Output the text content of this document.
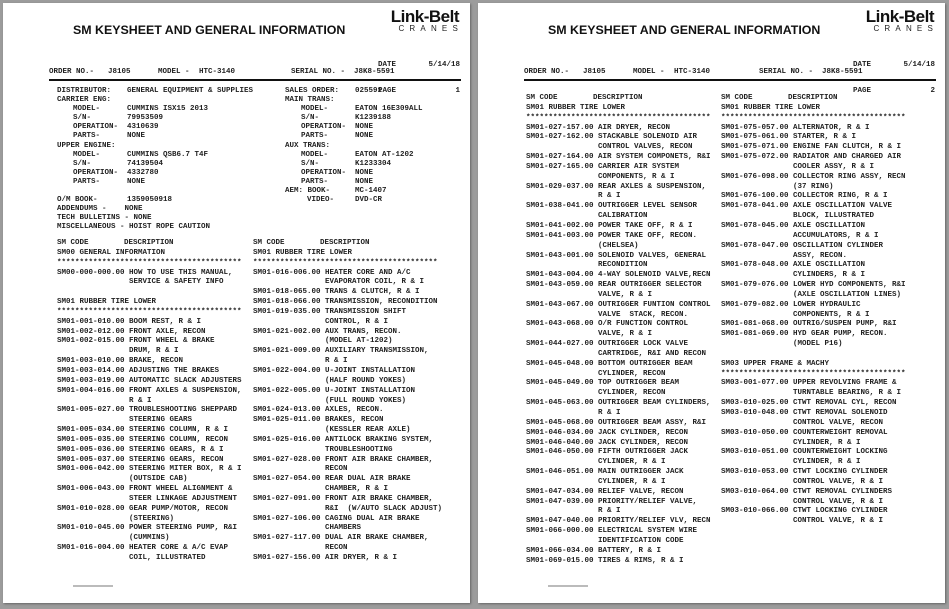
SM KEYSHEET AND GENERAL INFORMATION
Link-Belt
CRANES

DATE	5/14/18

PAGE	1

ORDER NO.-

J8105

	MODEL -

HTC-3140

	SERIAL NO. -

J8K8-5591

DISTRIBUTOR: GENERAL EQUIPMENT & SUPPLIES
CARRIER ENG:
MODEL-	CUMMINS ISX15 2013
S/N-	79953509
OPERATION- 4310639
PARTS-	NONE
UPPER ENGINE:
MODEL-	CUMMINS QSB6.7 T4F
S/N-	74139504
OPERATION- 4332780
PARTS-	NONE
O/M BOOK-	1359050918
ADDENDUMS - NONE
TECH BULLETINS - NONE
MISCELLANEOUS - HOIST ROPE CAUTION
SALES ORDER: 025591
MAIN TRANS:
MODEL-	EATON 16E309ALL
S/N-	K1239188
OPERATION- NONE
PARTS-	NONE
AUX TRANS:
MODEL-	EATON AT-1202
S/N-	K1233304
OPERATION- NONE
PARTS-	NONE
AEM: BOOK-	MC-1407
VIDEO-	DVD-CR
SM CODE	DESCRIPTION
SM00 GENERAL INFORMATION
*****************************************
SM00-000-000.00 HOW TO USE THIS MANUAL,
SERVICE & SAFETY INFO
SM01 RUBBER TIRE LOWER
*****************************************
SM01-001-010.00 BOOM REST, R & I
SM01-002-012.00 FRONT AXLE, RECON
SM01-002-015.00 FRONT WHEEL & BRAKE
DRUM, R & I
SM01-003-010.00 BRAKE, RECON
SM01-003-014.00 ADJUSTING THE BRAKES
SM01-003-019.00 AUTOMATIC SLACK ADJUSTERS
SM01-004-016.00 FRONT AXLES & SUSPENSION,
R & I
SM01-005-027.00 TROUBLESHOOTING SHEPPARD
STEERING GEARS
SM01-005-034.00 STEERING COLUMN, R & I
SM01-005-035.00 STEERING COLUMN, RECON
SM01-005-036.00 STEERING GEARS, R & I
SM01-005-037.00 STEERING GEARS, RECON
SM01-006-042.00 STEERING MITER BOX, R & I
(OUTSIDE CAB)
SM01-006-043.00 FRONT WHEEL ALIGNMENT &
STEER LINKAGE ADJUSTMENT
SM01-010-028.00 GEAR PUMP/MOTOR, RECON
(STEERING)
SM01-010-045.00 POWER STEERING PUMP, R&I
(CUMMINS)
SM01-016-004.00 HEATER CORE & A/C EVAP
COIL, ILLUSTRATED
SM CODE	DESCRIPTION
SM01 RUBBER TIRE LOWER
*****************************************
SM01-016-006.00 HEATER CORE AND A/C
EVAPORATOR COIL, R & I
SM01-018-065.00 TRANS & CLUTCH, R & I
SM01-018-066.00 TRANSMISSION, RECONDITION
SM01-019-035.00 TRANSMISSION SHIFT
CONTROL, R & I
SM01-021-002.00 AUX TRANS, RECON.
(MODEL AT-1202)
SM01-021-009.00 AUXILIARY TRANSMISSION,
R & I
SM01-022-004.00 U-JOINT INSTALLATION
(HALF ROUND YOKES)
SM01-022-005.00 U-JOINT INSTALLATION
(FULL ROUND YOKES)
SM01-024-013.00 AXLES, RECON.
SM01-025-011.00 BRAKES, RECON
(KESSLER REAR AXLE)
SM01-025-016.00 ANTILOCK BRAKING SYSTEM,
TROUBLESHOOTING
SM01-027-028.00 FRONT AIR BRAKE CHAMBER,
RECON
SM01-027-054.00 REAR DUAL AIR BRAKE
CHAMBER, R & I
SM01-027-091.00 FRONT AIR BRAKE CHAMBER,
R&I  (W/AUTO SLACK ADJUST)
SM01-027-106.00 CAGING DUAL AIR BRAKE
CHAMBERS
SM01-027-117.00 DUAL AIR BRAKE CHAMBER,
RECON
SM01-027-156.00 AIR DRYER, R & I
SM KEYSHEET AND GENERAL INFORMATION
Link-Belt
CRANES

DATE	5/14/18

PAGE	2

ORDER NO.-

J8105

	MODEL -

HTC-3140

	SERIAL NO. -

J8K8-5591

SM CODE	DESCRIPTION
SM01 RUBBER TIRE LOWER
*****************************************
SM01-027-157.00 AIR DRYER, RECON
SM01-027-162.00 STACKABLE SOLENOID AIR
CONTROL VALVES, RECON
SM01-027-164.00 AIR SYSTEM COMPONETS, R&I
SM01-027-165.00 CARRIER AIR SYSTEM
COMPONENTS, R & I
SM01-029-037.00 REAR AXLES & SUSPENSION,
R & I
SM01-038-041.00 OUTRIGGER LEVEL SENSOR
CALIBRATION
SM01-041-002.00 POWER TAKE OFF, R & I
SM01-041-003.00 POWER TAKE OFF, RECON.
(CHELSEA)
SM01-043-001.00 SOLENOID VALVES, GENERAL
RECONDITION
SM01-043-004.00 4-WAY SOLENOID VALVE,RECN
SM01-043-059.00 REAR OUTRIGGER SELECTOR
VALVE, R & I
SM01-043-067.00 OUTRIGGER FUNTION CONTROL
VALVE  STACK, RECON.
SM01-043-068.00 O/R FUNCTION CONTROL
VALVE, R & I
SM01-044-027.00 OUTRIGGER LOCK VALVE
CARTRIDGE, R&I AND RECON
SM01-045-048.00 BOTTOM OUTRIGGER BEAM
CYLINDER, RECON
SM01-045-049.00 TOP OUTRIGGER BEAM
CYLINDER, RECON
SM01-045-063.00 OUTRIGGER BEAM CYLINDERS,
R & I
SM01-045-068.00 OUTRIGGER BEAM ASSY, R&I
SM01-046-034.00 JACK CYLINDER, RECON
SM01-046-040.00 JACK CYLINDER, RECON
SM01-046-050.00 FIFTH OUTRIGGER JACK
CYLINDER, R & I
SM01-046-051.00 MAIN OUTRIGGER JACK
CYLINDER, R & I
SM01-047-034.00 RELIEF VALVE, RECON
SM01-047-039.00 PRIORITY/RELIEF VALVE,
R & I
SM01-047-040.00 PRIORITY/RELIEF VLV, RECN
SM01-066-000.00 ELECTRICAL SYSTEM WIRE
IDENTIFICATION CODE
SM01-066-034.00 BATTERY, R & I
SM01-069-015.00 TIRES & RIMS, R & I
SM CODE	DESCRIPTION
SM01 RUBBER TIRE LOWER
*****************************************
SM01-075-057.00 ALTERNATOR, R & I
SM01-075-061.00 STARTER, R & I
SM01-075-071.00 ENGINE FAN CLUTCH, R & I
SM01-075-072.00 RADIATOR AND CHARGED AIR
COOLER ASSY, R & I
SM01-076-098.00 COLLECTOR RING ASSY, RECN
(37 RING)
SM01-076-100.00 COLLECTOR RING, R & I
SM01-078-041.00 AXLE OSCILLATION VALVE
BLOCK, ILLUSTRATED
SM01-078-045.00 AXLE OSCILLATION
ACCUMULATORS, R & I
SM01-078-047.00 OSCILLATION CYLINDER
ASSY, RECON.
SM01-078-048.00 AXLE OSCILLATION
CYLINDERS, R & I
SM01-079-076.00 LOWER HYD COMPONENTS, R&I
(AXLE OSCILLATION LINES)
SM01-079-082.00 LOWER HYDRAULIC
COMPONENTS, R & I
SM01-081-068.00 OUTRIG/SUSPEN PUMP, R&I
SM01-081-069.00 HYD GEAR PUMP, RECON.
(MODEL P16)
SM03 UPPER FRAME & MACHY
*****************************************
SM03-001-077.00 UPPER REVOLVING FRAME &
TURNTABLE BEARING, R & I
SM03-010-025.00 CTWT REMOVAL CYL, RECON
SM03-010-048.00 CTWT REMOVAL SOLENOID
CONTROL VALVE, RECON
SM03-010-050.00 COUNTERWEIGHT REMOVAL
CYLINDER, R & I
SM03-010-051.00 COUNTERWEIGHT LOCKING
CYLINDER, R & I
SM03-010-053.00 CTWT LOCKING CYLINDER
CONTROL VALVE, R & I
SM03-010-064.00 CTWT REMOVAL CYLINDERS
CONTROL VALVE, R & I
SM03-010-066.00 CTWT LOCKING CYLINDER
CONTROL VALVE, R & I
